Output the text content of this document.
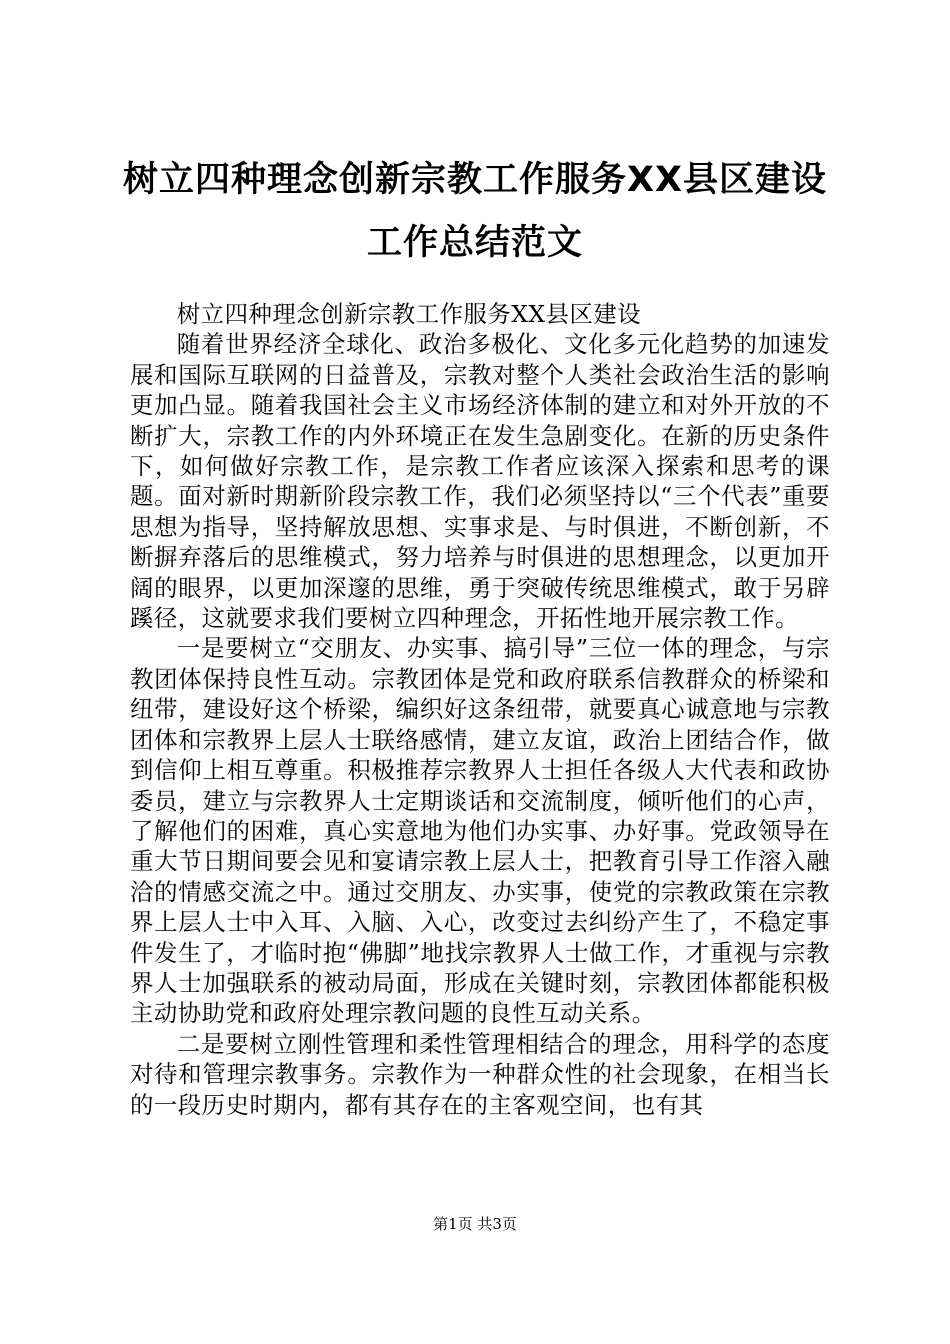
树立四种理念创新宗教工作服务XX县区建设
工作总结范文

树立四种理念创新宗教工作服务XX县区建设

随着世界经济全球化、政治多极化、文化多元化趋势的加速发展和国际互联网的日益普及，宗教对整个人类社会政治生活的影响更加凸显。随着我国社会主义市场经济体制的建立和对外开放的不断扩大，宗教工作的内外环境正在发生急剧变化。在新的历史条件下，如何做好宗教工作，是宗教工作者应该深入探索和思考的课题。面对新时期新阶段宗教工作，我们必须坚持以“三个代表”重要思想为指导，坚持解放思想、实事求是、与时俱进，不断创新，不断摒弃落后的思维模式，努力培养与时俱进的思想理念，以更加开阔的眼界，以更加深邃的思维，勇于突破传统思维模式，敢于另辟蹊径，这就要求我们要树立四种理念，开拓性地开展宗教工作。

一是要树立“交朋友、办实事、搞引导”三位一体的理念，与宗教团体保持良性互动。宗教团体是党和政府联系信教群众的桥梁和纽带，建设好这个桥梁，编织好这条纽带，就要真心诚意地与宗教团体和宗教界上层人士联络感情，建立友谊，政治上团结合作，做到信仰上相互尊重。积极推荐宗教界人士担任各级人大代表和政协委员，建立与宗教界人士定期谈话和交流制度，倾听他们的心声，了解他们的困难，真心实意地为他们办实事、办好事。党政领导在重大节日期间要会见和宴请宗教上层人士，把教育引导工作溶入融洽的情感交流之中。通过交朋友、办实事，使党的宗教政策在宗教界上层人士中入耳、入脑、入心，改变过去纠纷产生了，不稳定事件发生了，才临时抱“佛脚”地找宗教界人士做工作，才重视与宗教界人士加强联系的被动局面，形成在关键时刻，宗教团体都能积极主动协助党和政府处理宗教问题的良性互动关系。

二是要树立刚性管理和柔性管理相结合的理念，用科学的态度对待和管理宗教事务。宗教作为一种群众性的社会现象，在相当长的一段历史时期内，都有其存在的主客观空间，也有其

第1页 共3页
